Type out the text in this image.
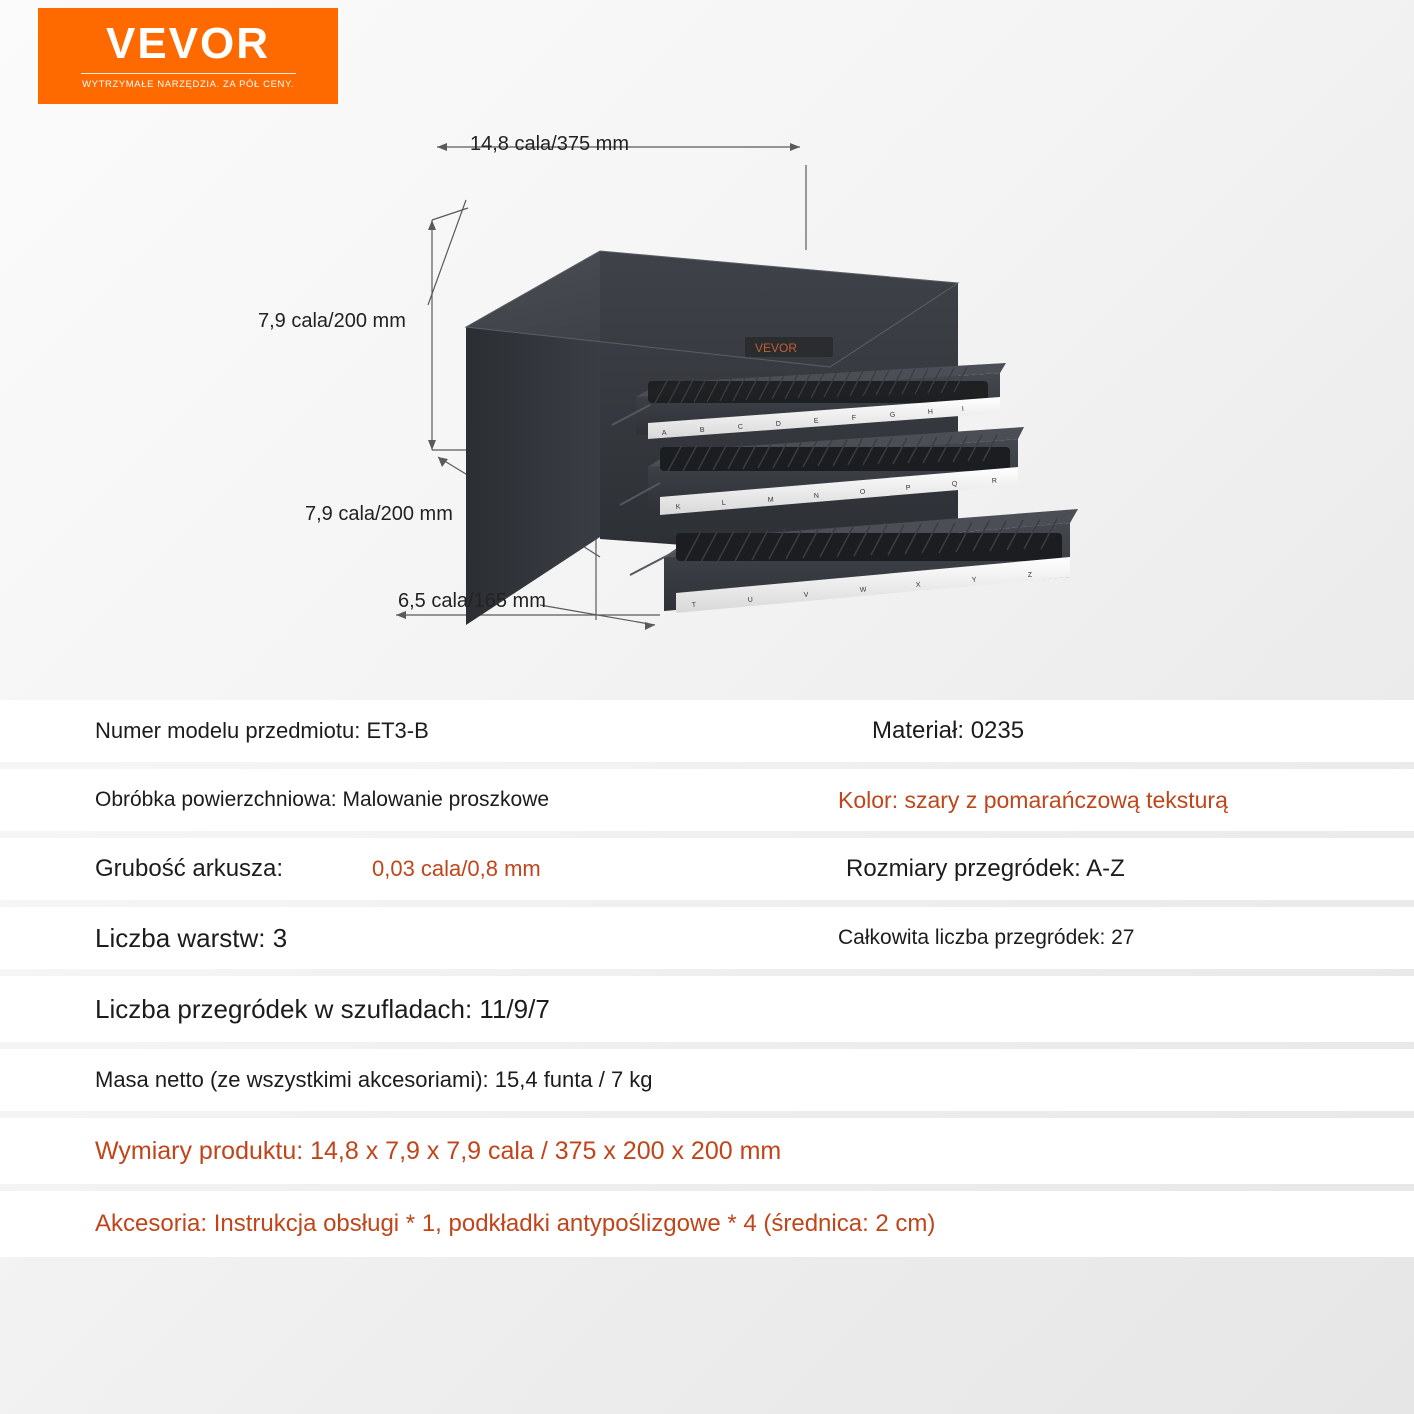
VEVOR
WYTRZYMAŁE NARZĘDZIA. ZA PÓŁ CENY.
VEVOR
A	B	C	D	E	F	G	H	I
K
L	M
N
O
P
Q	R
T
U
V
W
X
Y
Z
14,8 cala/375 mm
7,9 cala/200 mm
7,9 cala/200 mm
6,5 cala/165 mm
Numer modelu przedmiotu: ET3-B	Materiał: 0235
Obróbka powierzchniowa: Malowanie proszkowe	Kolor: szary z pomarańczową teksturą
Grubość arkusza:	0,03 cala/0,8 mm	Rozmiary przegródek: A-Z
Liczba warstw: 3	Całkowita liczba przegródek: 27
Liczba przegródek w szufladach: 11/9/7
Masa netto (ze wszystkimi akcesoriami): 15,4 funta / 7 kg
Wymiary produktu: 14,8 x 7,9 x 7,9 cala / 375 x 200 x 200 mm
Akcesoria: Instrukcja obsługi * 1, podkładki antypoślizgowe * 4 (średnica: 2 cm)
